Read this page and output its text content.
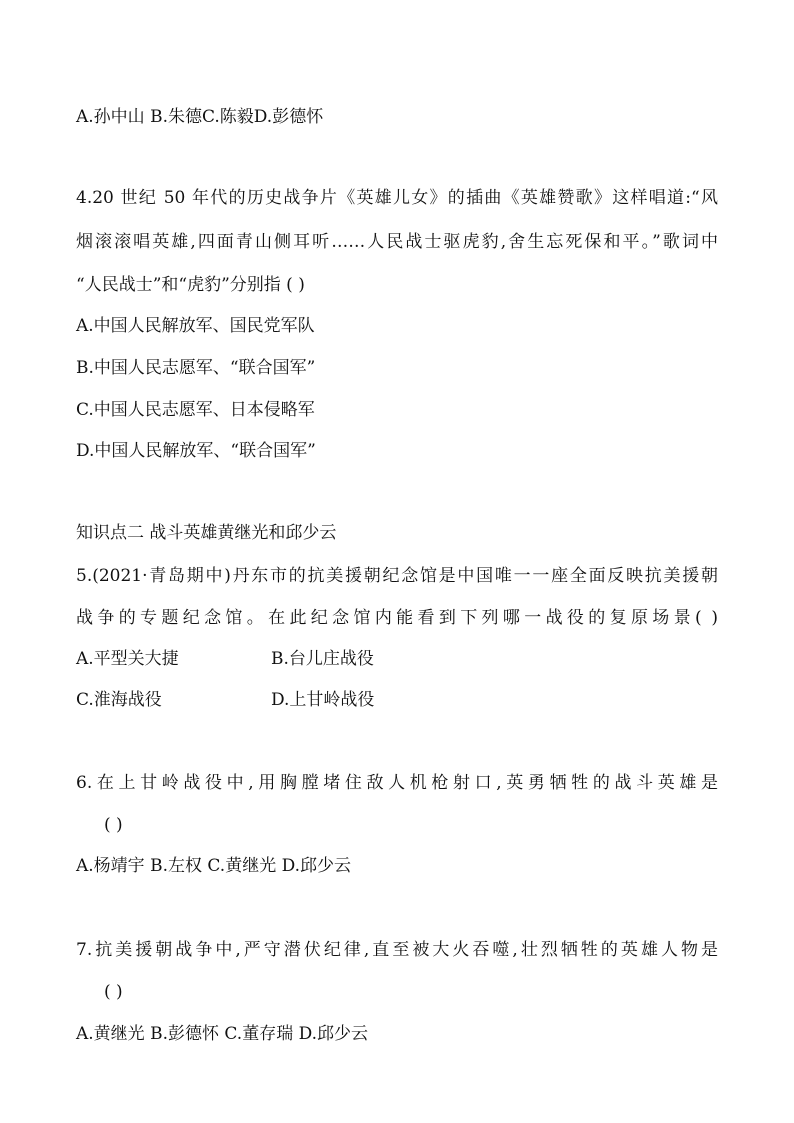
A.孙中山 B.朱德C.陈毅D.彭德怀
4.20 世纪 50 年代的历史战争片《英雄儿女》的插曲《英雄赞歌》这样唱道:“风
烟滚滚唱英雄,四面青山侧耳听……人民战士驱虎豹,舍生忘死保和平。”歌词中
“人民战士”和“虎豹”分别指 ( )
A.中国人民解放军、国民党军队
B.中国人民志愿军、“联合国军”
C.中国人民志愿军、日本侵略军
D.中国人民解放军、“联合国军”
知识点二 战斗英雄黄继光和邱少云
5.(2021·青岛期中)丹东市的抗美援朝纪念馆是中国唯一一座全面反映抗美援朝
战争的专题纪念馆。在此纪念馆内能看到下列哪一战役的复原场景( )
A.平型关大捷	B.台儿庄战役
C.淮海战役	D.上甘岭战役
6.在上甘岭战役中,用胸膛堵住敌人机枪射口,英勇牺牲的战斗英雄是
( )
A.杨靖宇 B.左权 C.黄继光 D.邱少云
7.抗美援朝战争中,严守潜伏纪律,直至被大火吞噬,壮烈牺牲的英雄人物是
( )
A.黄继光 B.彭德怀 C.董存瑞 D.邱少云
